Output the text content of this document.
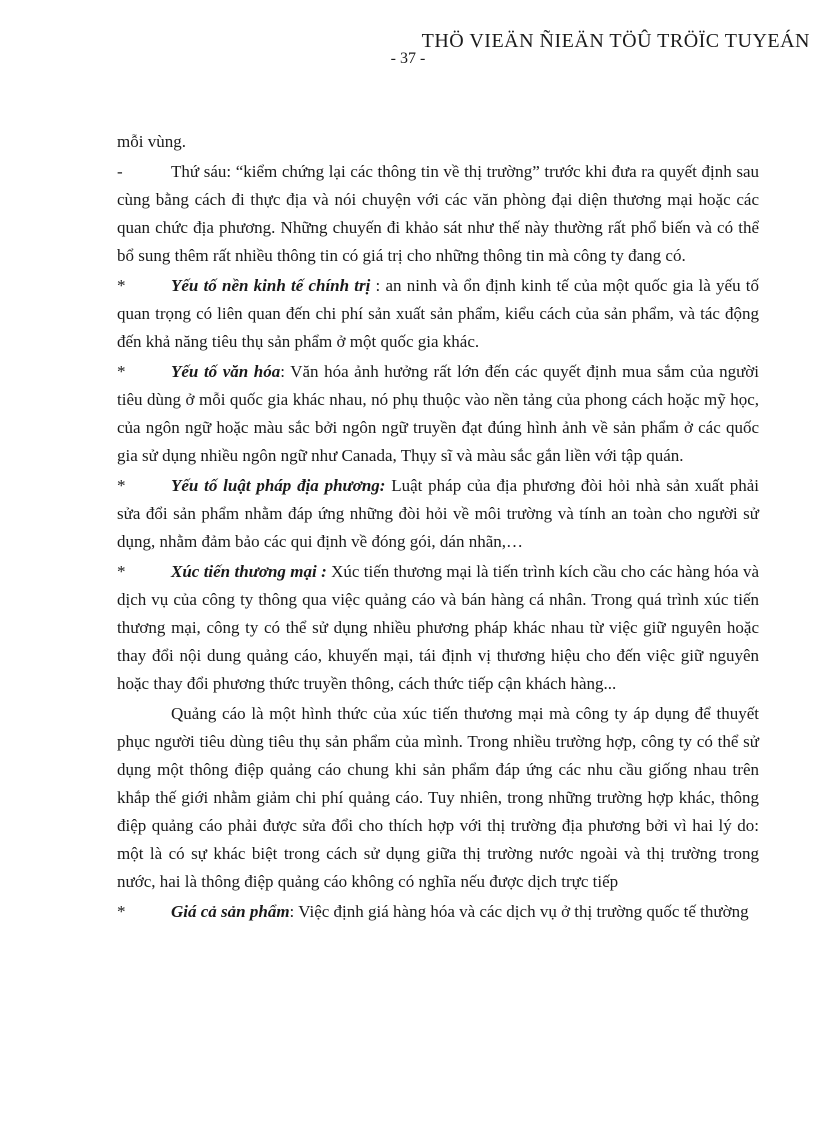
THÖ VIEÄN ÑIEÄN TÖÛ TRÖÏC TUYEÁN
- 37 -

mỗi vùng.

-	Thứ sáu: “kiểm chứng lại các thông tin về thị trường” trước khi đưa ra quyết định sau cùng bằng cách đi thực địa và nói chuyện với các văn phòng đại diện thương mại hoặc các quan chức địa phương. Những chuyến đi khảo sát như thế này thường rất phổ biến và có thể bổ sung thêm rất nhiều thông tin có giá trị cho những thông tin mà công ty đang có.

*	Yếu tố nền kinh tế chính trị : an ninh và ổn định kinh tế của một quốc gia là yếu tố quan trọng có liên quan đến chi phí sản xuất sản phẩm, kiểu cách của sản phẩm, và tác động đến khả năng tiêu thụ sản phẩm ở một quốc gia khác.

*	Yếu tố văn hóa: Văn hóa ảnh hưởng rất lớn đến các quyết định mua sắm của người tiêu dùng ở mỗi quốc gia khác nhau, nó phụ thuộc vào nền tảng của phong cách hoặc mỹ học, của ngôn ngữ hoặc màu sắc bởi ngôn ngữ truyền đạt đúng hình ảnh về sản phẩm ở các quốc gia sử dụng nhiều ngôn ngữ như Canada, Thụy sĩ và màu sắc gắn liền với tập quán.

*	Yếu tố luật pháp địa phương: Luật pháp của địa phương đòi hỏi nhà sản xuất phải sửa đổi sản phẩm nhằm đáp ứng những đòi hỏi về môi trường và tính an toàn cho người sử dụng, nhằm đảm bảo các qui định về đóng gói, dán nhãn,…

*	Xúc tiến thương mại : Xúc tiến thương mại là tiến trình kích cầu cho các hàng hóa và dịch vụ của công ty thông qua việc quảng cáo và bán hàng cá nhân. Trong quá trình xúc tiến thương mại, công ty có thể sử dụng nhiều phương pháp khác nhau từ việc giữ nguyên hoặc thay đổi nội dung quảng cáo, khuyến mại, tái định vị thương hiệu cho đến việc giữ nguyên hoặc thay đổi phương thức truyền thông, cách thức tiếp cận khách hàng...

Quảng cáo là một hình thức của xúc tiến thương mại mà công ty áp dụng để thuyết phục người tiêu dùng tiêu thụ sản phẩm của mình. Trong nhiều trường hợp, công ty có thể sử dụng một thông điệp quảng cáo chung khi sản phẩm đáp ứng các nhu cầu giống nhau trên khắp thế giới nhằm giảm chi phí quảng cáo. Tuy nhiên, trong những trường hợp khác, thông điệp quảng cáo phải được sửa đổi cho thích hợp với thị trường địa phương bởi vì hai lý do: một là có sự khác biệt trong cách sử dụng giữa thị trường nước ngoài và thị trường trong nước, hai là thông điệp quảng cáo không có nghĩa nếu được dịch trực tiếp

*	Giá cả sản phẩm: Việc định giá hàng hóa và các dịch vụ ở thị trường quốc tế thường
